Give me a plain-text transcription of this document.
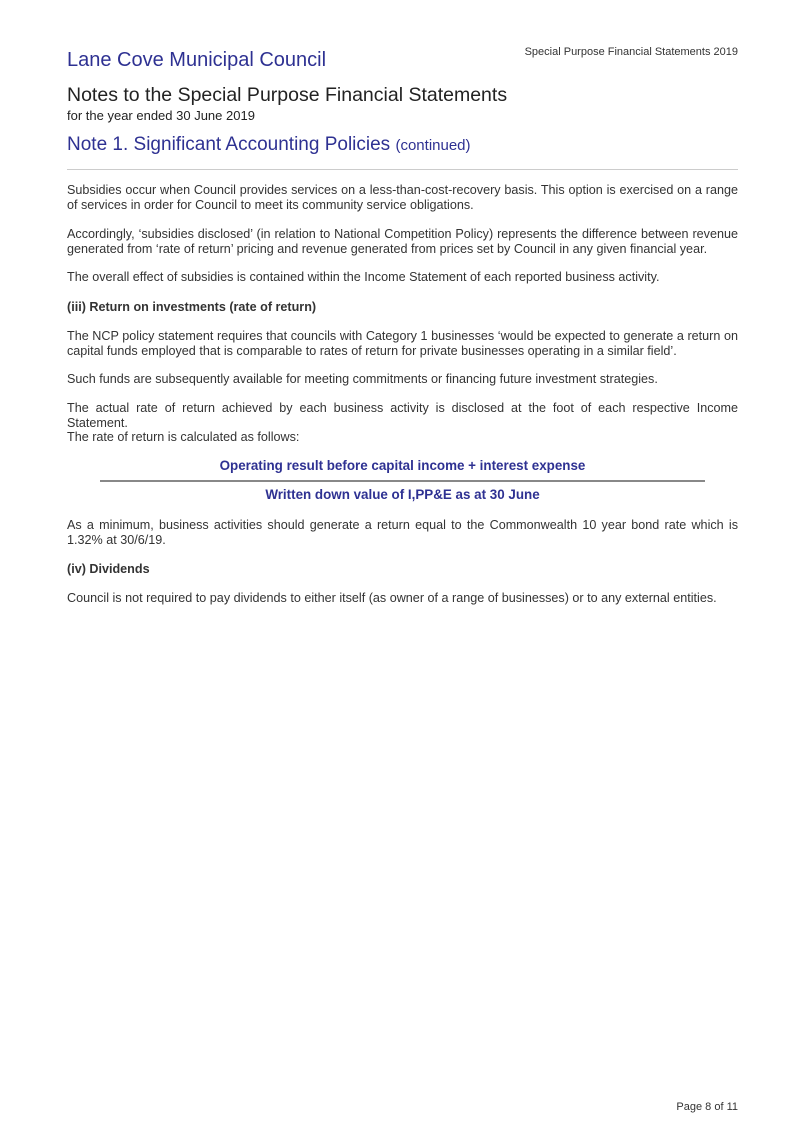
Special Purpose Financial Statements 2019
Lane Cove Municipal Council
Notes to the Special Purpose Financial Statements
for the year ended 30 June 2019
Note 1. Significant Accounting Policies (continued)

Subsidies occur when Council provides services on a less-than-cost-recovery basis. This option is exercised on a range of services in order for Council to meet its community service obligations.

Accordingly, ‘subsidies disclosed’ (in relation to National Competition Policy) represents the difference between revenue generated from ‘rate of return’ pricing and revenue generated from prices set by Council in any given financial year.

The overall effect of subsidies is contained within the Income Statement of each reported business activity.

(iii) Return on investments (rate of return)

The NCP policy statement requires that councils with Category 1 businesses ‘would be expected to generate a return on capital funds employed that is comparable to rates of return for private businesses operating in a similar field’.

Such funds are subsequently available for meeting commitments or financing future investment strategies.

The actual rate of return achieved by each business activity is disclosed at the foot of each respective Income Statement.

The rate of return is calculated as follows:

Operating result before capital income + interest expense
Written down value of I,PP&E as at 30 June

As a minimum, business activities should generate a return equal to the Commonwealth 10 year bond rate which is 1.32% at 30/6/19.

(iv) Dividends

Council is not required to pay dividends to either itself (as owner of a range of businesses) or to any external entities.

Page 8 of 11
